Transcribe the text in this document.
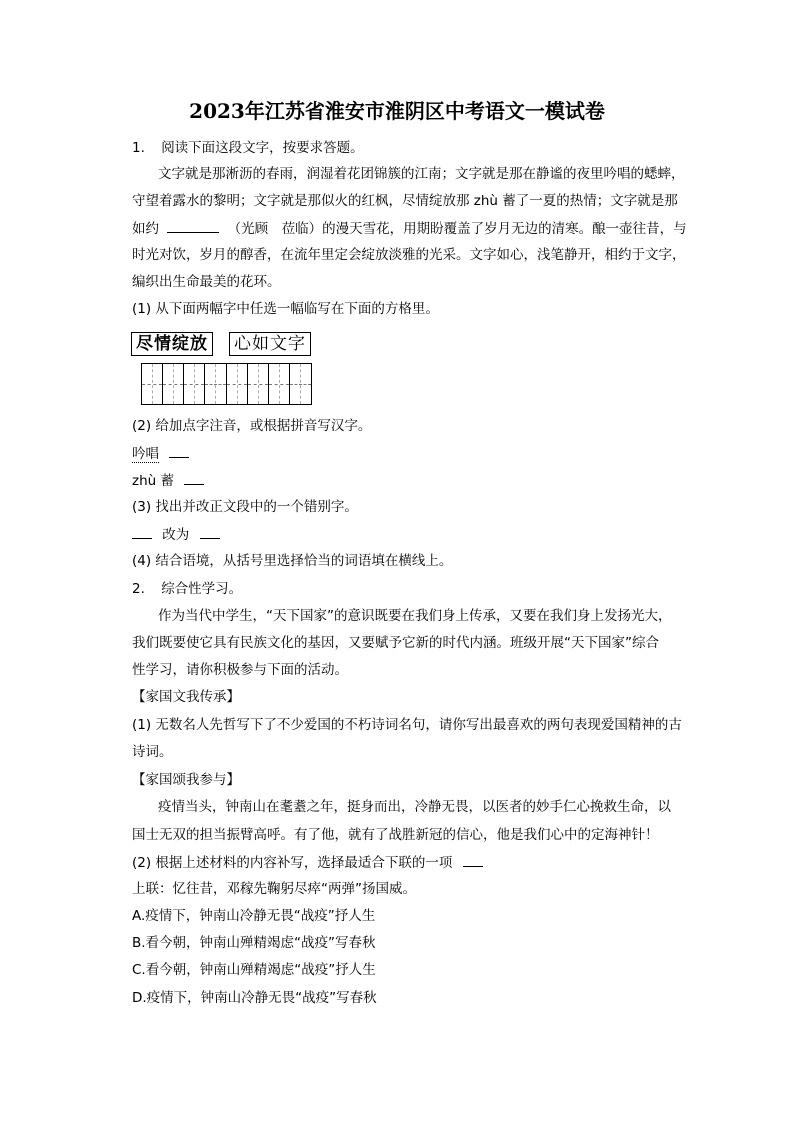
2023年江苏省淮安市淮阴区中考语文一模试卷
1. 阅读下面这段文字，按要求答题。
文字就是那淅沥的春雨，润湿着花团锦簇的江南；文字就是那在静谧的夜里吟唱的蟋蟀，
守望着露水的黎明；文字就是那似火的红枫，尽情绽放那 zhù 蓄了一夏的热情；文字就是那
如约	（光顾　莅临）的漫天雪花，用期盼覆盖了岁月无边的清寒。酿一壶往昔，与
时光对饮，岁月的醇香，在流年里定会绽放淡雅的光采。文字如心，浅笔静开，相约于文字，
编织出生命最美的花环。
(1) 从下面两幅字中任选一幅临写在下面的方格里。
尽情绽放 心如文字
(2) 给加点字注音，或根据拼音写汉字。
吟唱
zhù 蓄
(3) 找出并改正文段中的一个错别字。
改为
(4) 结合语境，从括号里选择恰当的词语填在横线上。
2. 综合性学习。
作为当代中学生，“天下国家”的意识既要在我们身上传承，又要在我们身上发扬光大，
我们既要使它具有民族文化的基因，又要赋予它新的时代内涵。班级开展“天下国家”综合
性学习，请你积极参与下面的活动。
【家国文我传承】
(1) 无数名人先哲写下了不少爱国的不朽诗词名句，请你写出最喜欢的两句表现爱国精神的古
诗词。
【家国颂我参与】
疫情当头，钟南山在耄耋之年，挺身而出，冷静无畏，以医者的妙手仁心挽救生命，以
国士无双的担当振臂高呼。有了他，就有了战胜新冠的信心，他是我们心中的定海神针！
(2) 根据上述材料的内容补写，选择最适合下联的一项
上联：忆往昔，邓稼先鞠躬尽瘁“两弹”扬国威。
A.疫情下，钟南山冷静无畏“战疫”抒人生
B.看今朝，钟南山殚精竭虑“战疫”写春秋
C.看今朝，钟南山殚精竭虑“战疫”抒人生
D.疫情下，钟南山冷静无畏“战疫”写春秋
